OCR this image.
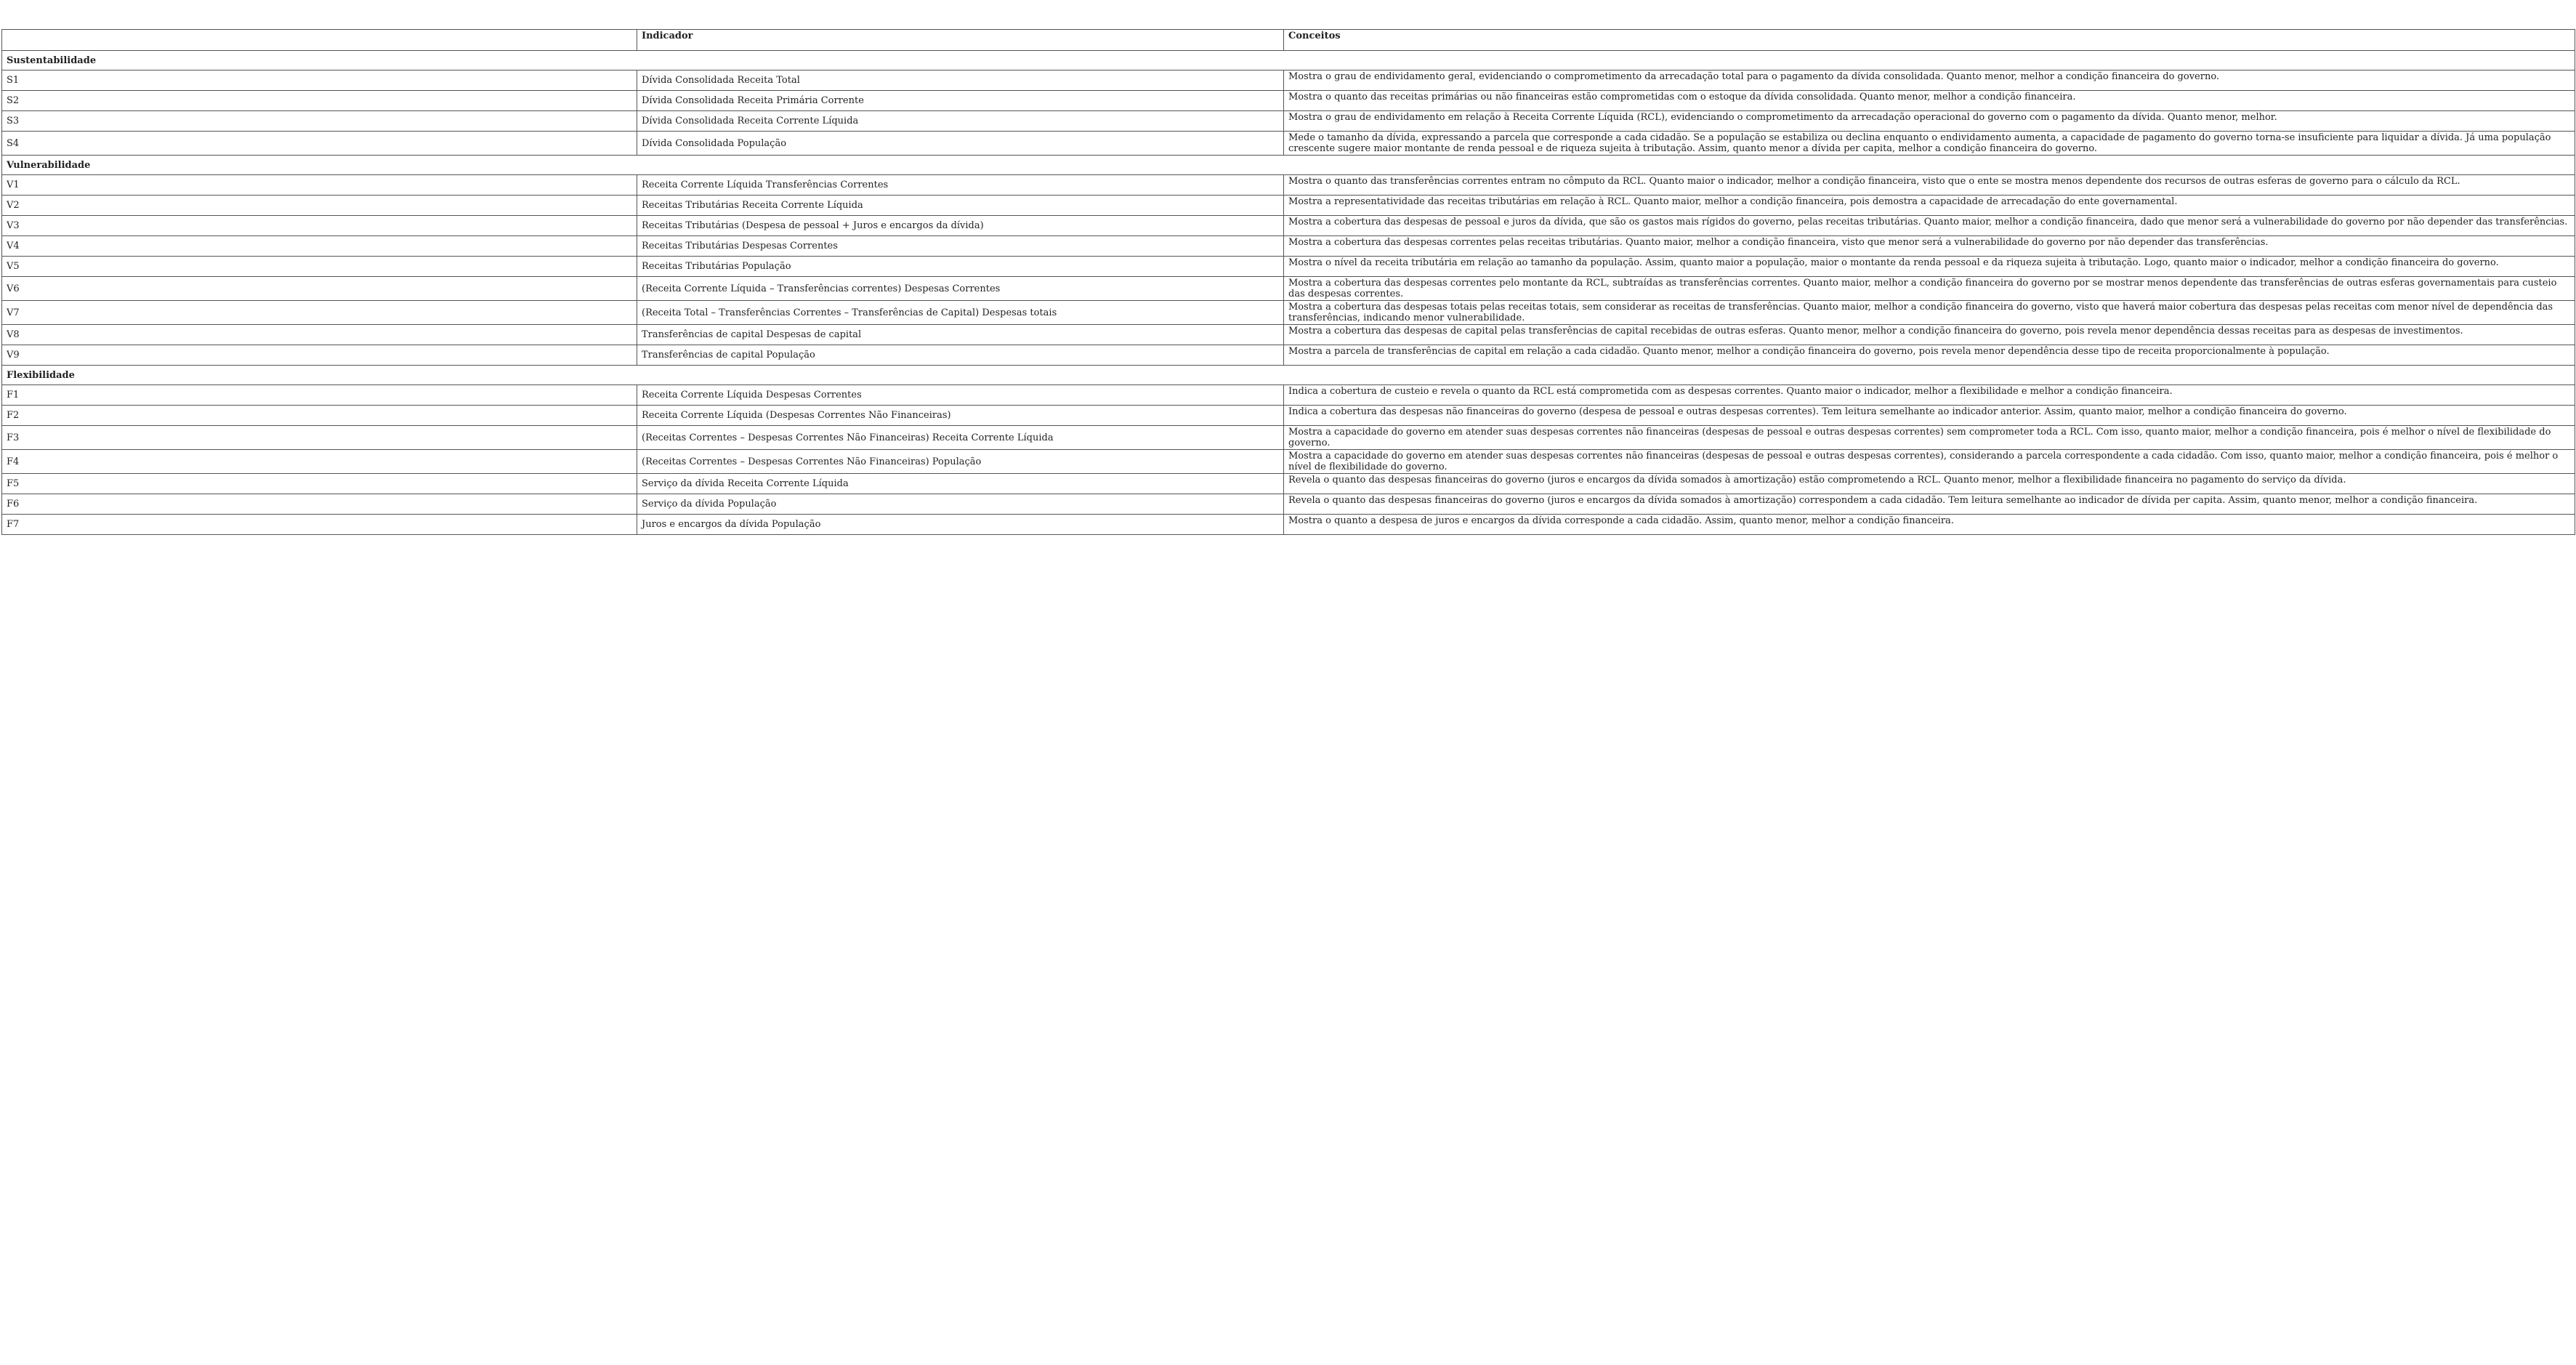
	Indicador	Conceitos
Sustentabilidade		
S1	Dívida Consolidada Receita Total	Mostra o grau de endividamento geral, evidenciando o comprometimento da arrecadação total para o pagamento da dívida consolidada. Quanto menor, melhor a condição financeira do governo.
S2	Dívida Consolidada Receita Primária Corrente	Mostra o quanto das receitas primárias ou não financeiras estão comprometidas com o estoque da dívida consolidada. Quanto menor, melhor a condição financeira.
S3	Dívida Consolidada Receita Corrente Líquida	Mostra o grau de endividamento em relação à Receita Corrente Líquida (RCL), evidenciando o comprometimento da arrecadação operacional do governo com o pagamento da dívida. Quanto menor, melhor.
S4	Dívida Consolidada População	Mede o tamanho da dívida, expressando a parcela que corresponde a cada cidadão. Se a população se estabiliza ou declina enquanto o endividamento aumenta, a capacidade de pagamento do governo torna-se insuficiente para liquidar a dívida. Já uma população crescente sugere maior montante de renda pessoal e de riqueza sujeita à tributação. Assim, quanto menor a dívida per capita, melhor a condição financeira do governo.
Vulnerabilidade		
V1	Receita Corrente Líquida Transferências Correntes	Mostra o quanto das transferências correntes entram no cômputo da RCL. Quanto maior o indicador, melhor a condição financeira, visto que o ente se mostra menos dependente dos recursos de outras esferas de governo para o cálculo da RCL.
V2	Receitas Tributárias Receita Corrente Líquida	Mostra a representatividade das receitas tributárias em relação à RCL. Quanto maior, melhor a condição financeira, pois demostra a capacidade de arrecadação do ente governamental.
V3	Receitas Tributárias (Despesa de pessoal + Juros e encargos da dívida)	Mostra a cobertura das despesas de pessoal e juros da dívida, que são os gastos mais rígidos do governo, pelas receitas tributárias. Quanto maior, melhor a condição financeira, dado que menor será a vulnerabilidade do governo por não depender das transferências.
V4	Receitas Tributárias Despesas Correntes	Mostra a cobertura das despesas correntes pelas receitas tributárias. Quanto maior, melhor a condição financeira, visto que menor será a vulnerabilidade do governo por não depender das transferências.
V5	Receitas Tributárias População	Mostra o nível da receita tributária em relação ao tamanho da população. Assim, quanto maior a população, maior o montante da renda pessoal e da riqueza sujeita à tributação. Logo, quanto maior o indicador, melhor a condição financeira do governo.
V6	(Receita Corrente Líquida – Transferências correntes) Despesas Correntes	Mostra a cobertura das despesas correntes pelo montante da RCL, subtraídas as transferências correntes. Quanto maior, melhor a condição financeira do governo por se mostrar menos dependente das transferências de outras esferas governamentais para custeio das despesas correntes.
V7	(Receita Total – Transferências Correntes – Transferências de Capital) Despesas totais	Mostra a cobertura das despesas totais pelas receitas totais, sem considerar as receitas de transferências. Quanto maior, melhor a condição financeira do governo, visto que haverá maior cobertura das despesas pelas receitas com menor nível de dependência das transferências, indicando menor vulnerabilidade.
V8	Transferências de capital Despesas de capital	Mostra a cobertura das despesas de capital pelas transferências de capital recebidas de outras esferas. Quanto menor, melhor a condição financeira do governo, pois revela menor dependência dessas receitas para as despesas de investimentos.
V9	Transferências de capital População	Mostra a parcela de transferências de capital em relação a cada cidadão. Quanto menor, melhor a condição financeira do governo, pois revela menor dependência desse tipo de receita proporcionalmente à população.
Flexibilidade		
F1	Receita Corrente Líquida Despesas Correntes	Indica a cobertura de custeio e revela o quanto da RCL está comprometida com as despesas correntes. Quanto maior o indicador, melhor a flexibilidade e melhor a condição financeira.
F2	Receita Corrente Líquida (Despesas Correntes Não Financeiras)	Indica a cobertura das despesas não financeiras do governo (despesa de pessoal e outras despesas correntes). Tem leitura semelhante ao indicador anterior. Assim, quanto maior, melhor a condição financeira do governo.
F3	(Receitas Correntes – Despesas Correntes Não Financeiras) Receita Corrente Líquida	Mostra a capacidade do governo em atender suas despesas correntes não financeiras (despesas de pessoal e outras despesas correntes) sem comprometer toda a RCL. Com isso, quanto maior, melhor a condição financeira, pois é melhor o nível de flexibilidade do governo.
F4	(Receitas Correntes – Despesas Correntes Não Financeiras) População	Mostra a capacidade do governo em atender suas despesas correntes não financeiras (despesas de pessoal e outras despesas correntes), considerando a parcela correspondente a cada cidadão. Com isso, quanto maior, melhor a condição financeira, pois é melhor o nível de flexibilidade do governo.
F5	Serviço da dívida Receita Corrente Líquida	Revela o quanto das despesas financeiras do governo (juros e encargos da dívida somados à amortização) estão comprometendo a RCL. Quanto menor, melhor a flexibilidade financeira no pagamento do serviço da dívida.
F6	Serviço da dívida População	Revela o quanto das despesas financeiras do governo (juros e encargos da dívida somados à amortização) correspondem a cada cidadão. Tem leitura semelhante ao indicador de dívida per capita. Assim, quanto menor, melhor a condição financeira.
F7	Juros e encargos da dívida População	Mostra o quanto a despesa de juros e encargos da dívida corresponde a cada cidadão. Assim, quanto menor, melhor a condição financeira.
